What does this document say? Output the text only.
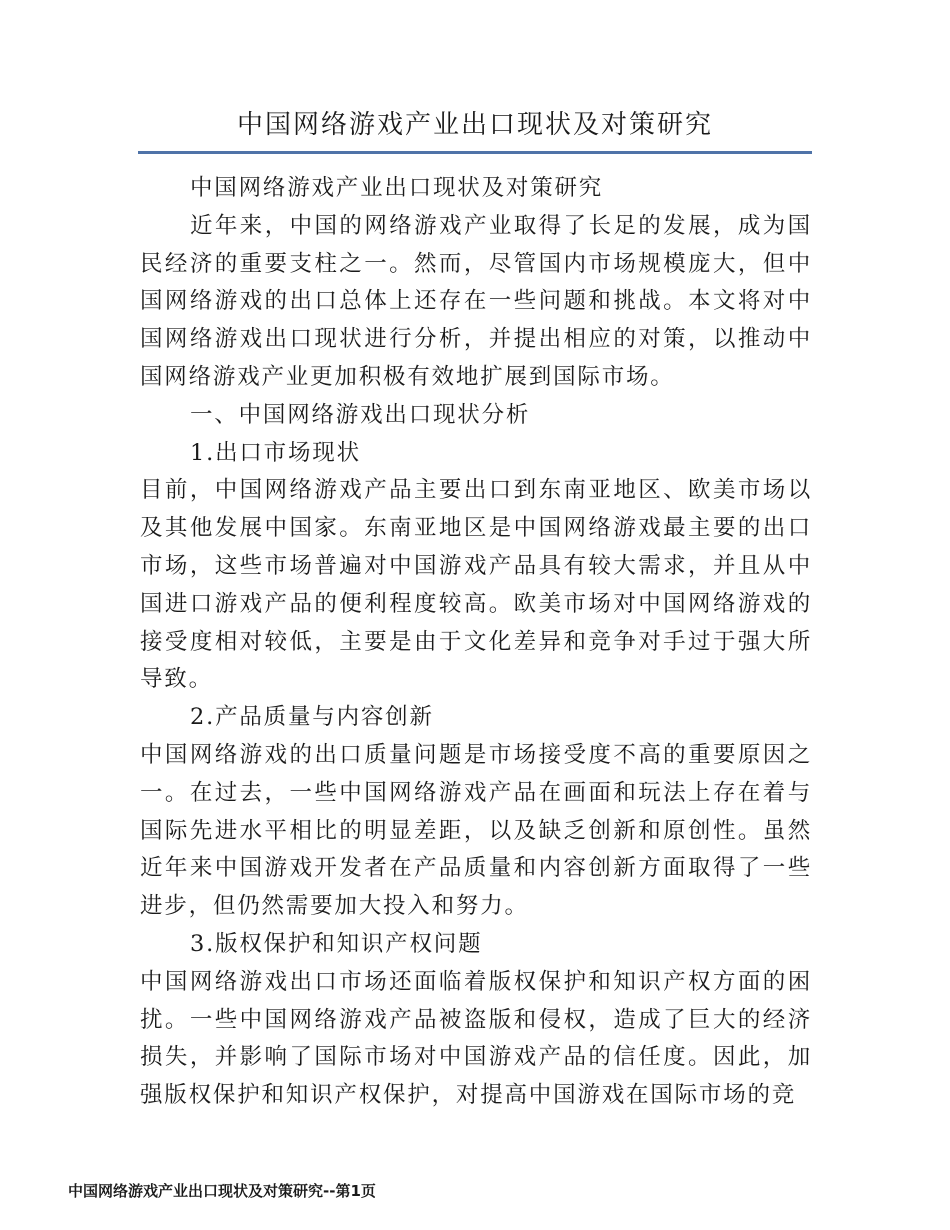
中国网络游戏产业出口现状及对策研究

中国网络游戏产业出口现状及对策研究

近年来，中国的网络游戏产业取得了长足的发展，成为国民经济的重要支柱之一。然而，尽管国内市场规模庞大，但中国网络游戏的出口总体上还存在一些问题和挑战。本文将对中国网络游戏出口现状进行分析，并提出相应的对策，以推动中国网络游戏产业更加积极有效地扩展到国际市场。

一、中国网络游戏出口现状分析

1.出口市场现状

目前，中国网络游戏产品主要出口到东南亚地区、欧美市场以及其他发展中国家。东南亚地区是中国网络游戏最主要的出口市场，这些市场普遍对中国游戏产品具有较大需求，并且从中国进口游戏产品的便利程度较高。欧美市场对中国网络游戏的接受度相对较低，主要是由于文化差异和竞争对手过于强大所导致。

2.产品质量与内容创新

中国网络游戏的出口质量问题是市场接受度不高的重要原因之一。在过去，一些中国网络游戏产品在画面和玩法上存在着与国际先进水平相比的明显差距，以及缺乏创新和原创性。虽然近年来中国游戏开发者在产品质量和内容创新方面取得了一些进步，但仍然需要加大投入和努力。

3.版权保护和知识产权问题

中国网络游戏出口市场还面临着版权保护和知识产权方面的困扰。一些中国网络游戏产品被盗版和侵权，造成了巨大的经济损失，并影响了国际市场对中国游戏产品的信任度。因此，加强版权保护和知识产权保护，对提高中国游戏在国际市场的竞

中国网络游戏产业出口现状及对策研究--第1页
